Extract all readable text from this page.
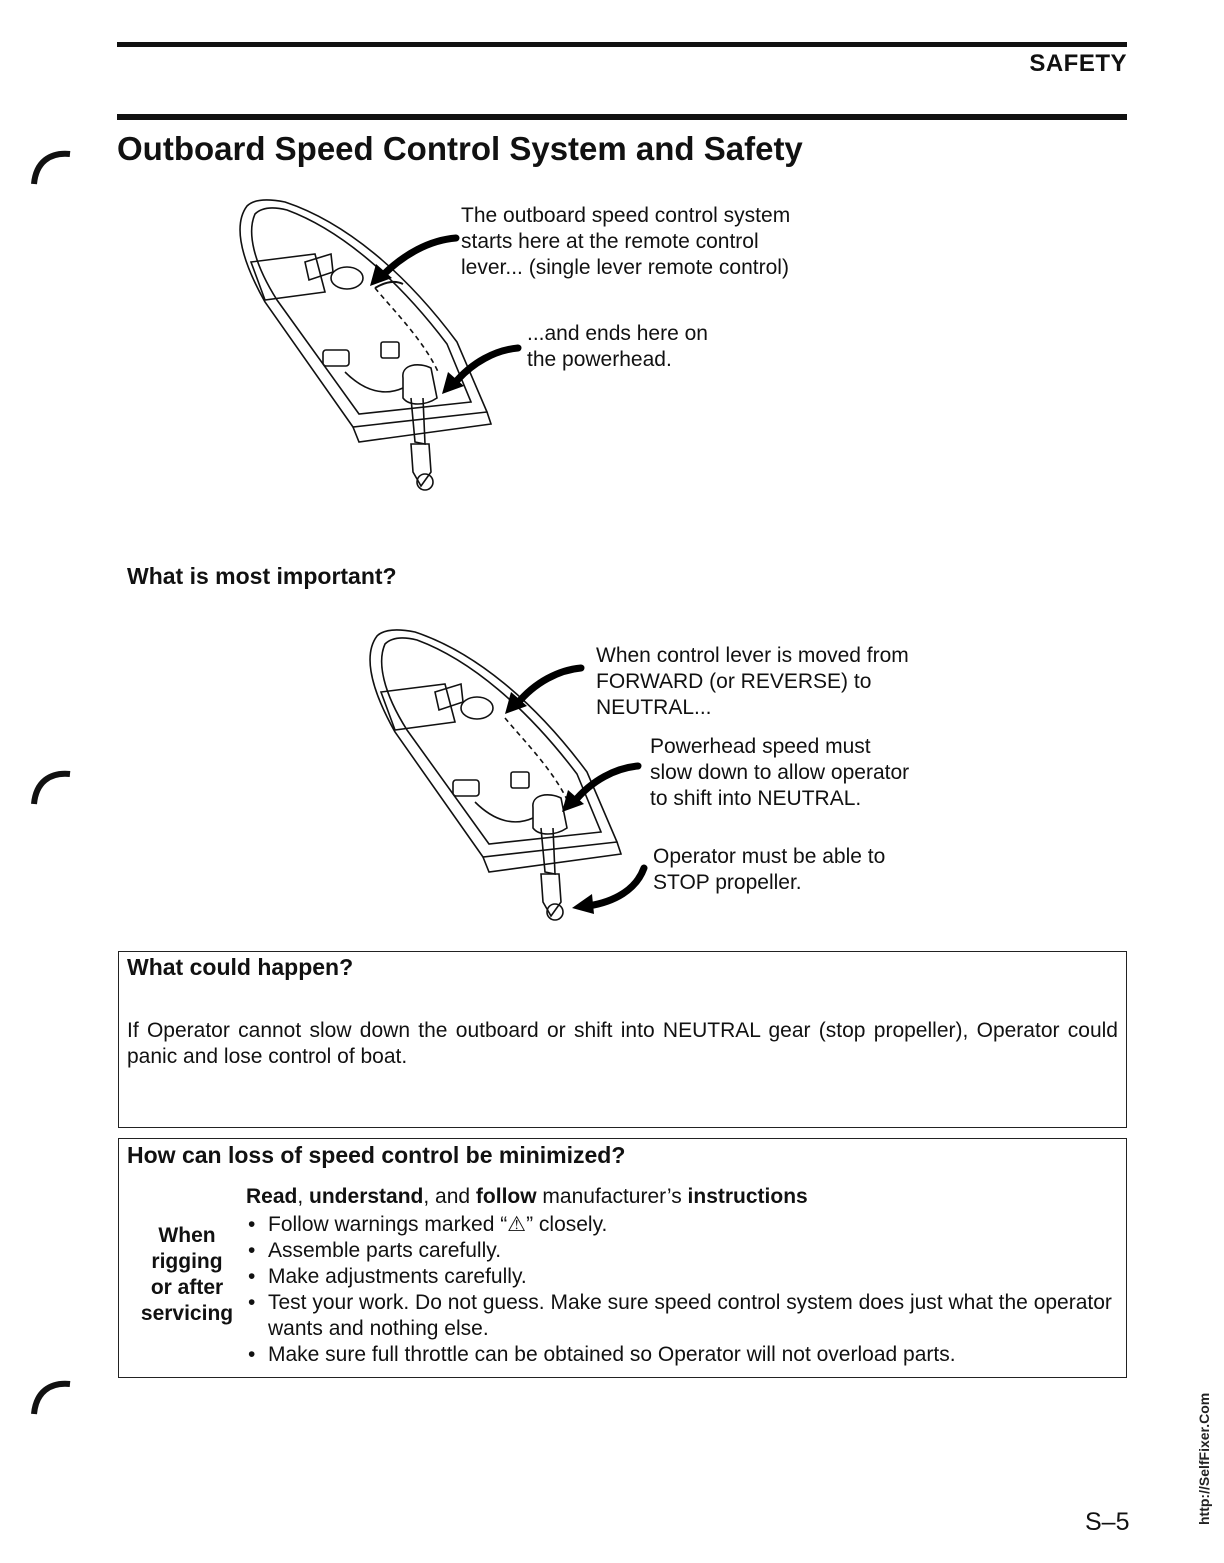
SAFETY
Outboard Speed Control System and Safety
The outboard speed control system
starts here at the remote control
lever... (single lever remote control)
...and ends here on
the powerhead.
What is most important?
When control lever is moved from
FORWARD (or REVERSE) to
NEUTRAL...
Powerhead speed must
slow down to allow operator
to shift into NEUTRAL.
Operator must be able to
STOP propeller.
What could happen?
If Operator cannot slow down the outboard or shift into NEUTRAL gear (stop propeller), Operator could panic and lose control of boat.
How can loss of speed control be minimized?
When
rigging
or after
servicing
Read, understand, and follow manufacturer’s instructions
• Follow warnings marked “⚠” closely.
• Assemble parts carefully.
• Make adjustments carefully.
• Test your work. Do not guess. Make sure speed control system does just what the operator wants and nothing else.
• Make sure full throttle can be obtained so Operator will not overload parts.
S–5	http://SelfFixer.Com
